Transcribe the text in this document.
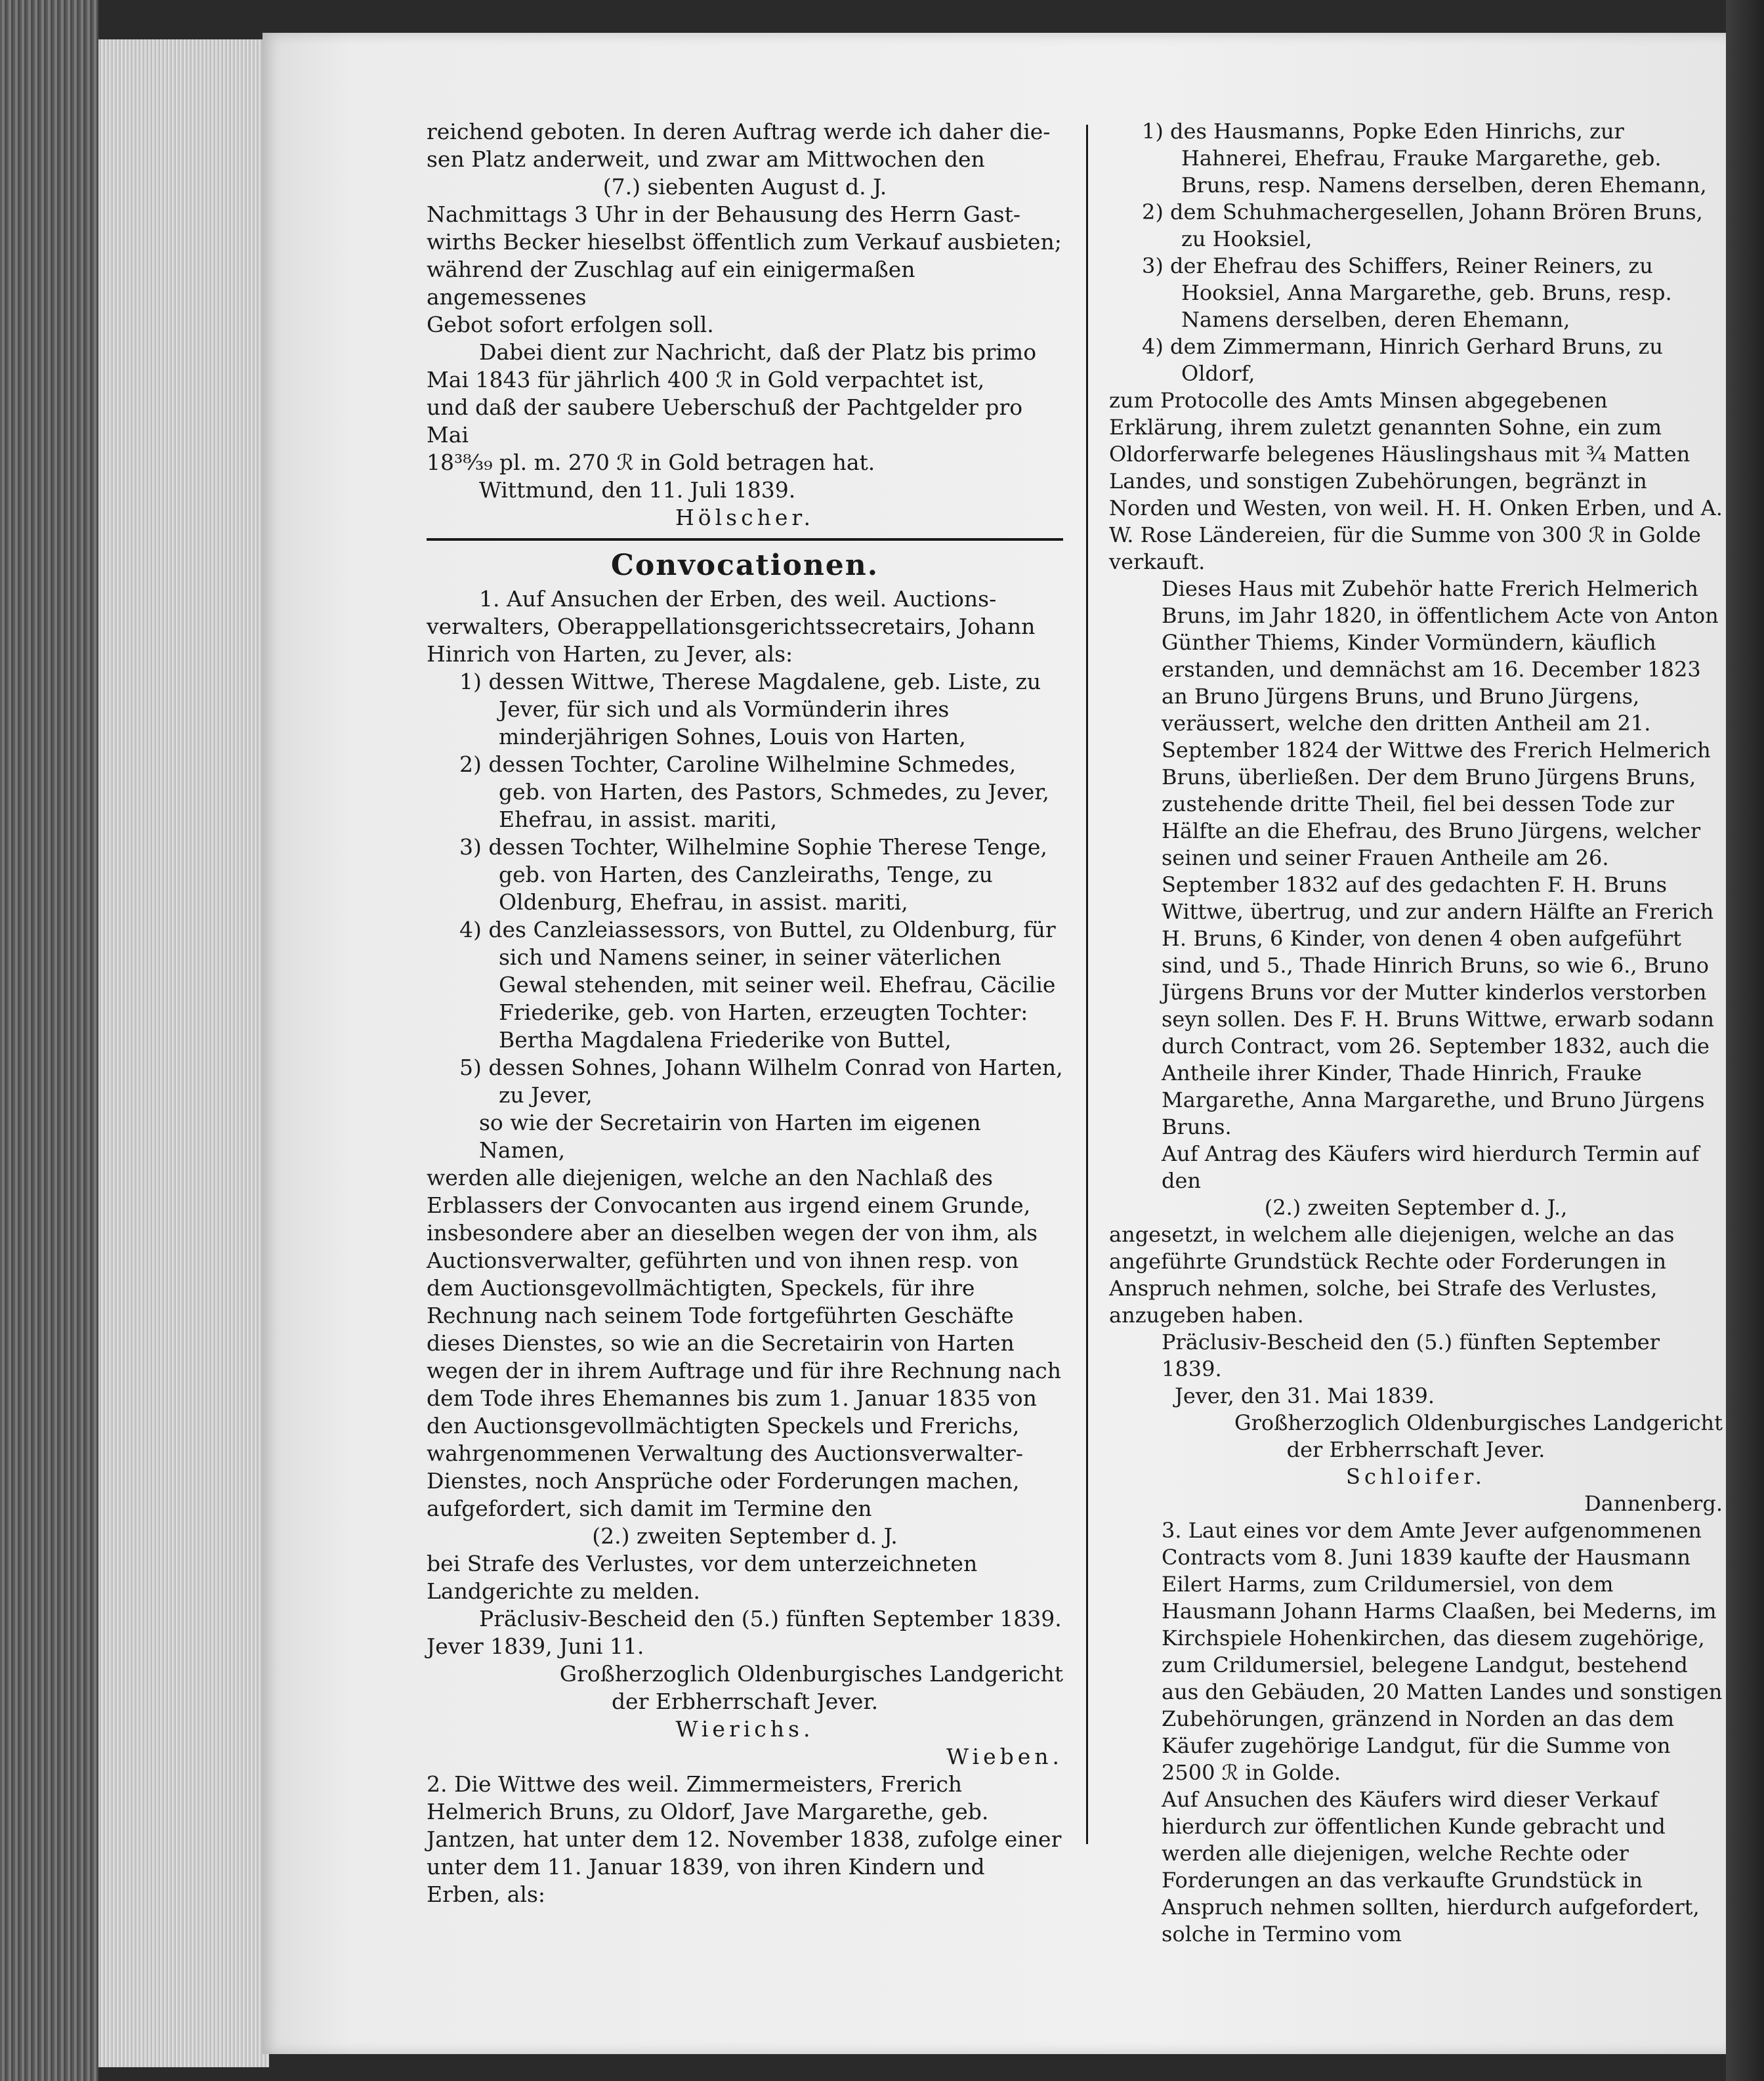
reichend geboten. In deren Auftrag werde ich daher die-

sen Platz anderweit, und zwar am Mittwochen den

(7.) siebenten August d. J.

Nachmittags 3 Uhr in der Behausung des Herrn Gast-

wirths Becker hieselbst öffentlich zum Verkauf ausbieten;

während der Zuschlag auf ein einigermaßen angemessenes

Gebot sofort erfolgen soll.

Dabei dient zur Nachricht, daß der Platz bis primo

Mai 1843 für jährlich 400 ℛ in Gold verpachtet ist,

und daß der saubere Ueberschuß der Pachtgelder pro Mai

18³⁸⁄₃₉ pl. m. 270 ℛ in Gold betragen hat.

Wittmund, den 11. Juli 1839.

Hölscher.

Convocationen.

1. Auf Ansuchen der Erben, des weil. Auctions-

verwalters, Oberappellationsgerichtssecretairs, Johann

Hinrich von Harten, zu Jever, als:

1) dessen Wittwe, Therese Magdalene, geb. Liste, zu Jever, für sich und als Vormünderin ihres minderjährigen Sohnes, Louis von Harten,

2) dessen Tochter, Caroline Wilhelmine Schmedes, geb. von Harten, des Pastors, Schmedes, zu Jever, Ehefrau, in assist. mariti,

3) dessen Tochter, Wilhelmine Sophie Therese Tenge, geb. von Harten, des Canzleiraths, Tenge, zu Oldenburg, Ehefrau, in assist. mariti,

4) des Canzleiassessors, von Buttel, zu Oldenburg, für sich und Namens seiner, in seiner väterlichen Gewal stehenden, mit seiner weil. Ehefrau, Cäcilie Friederike, geb. von Harten, erzeugten Tochter: Bertha Magdalena Friederike von Buttel,

5) dessen Sohnes, Johann Wilhelm Conrad von Harten, zu Jever,

so wie der Secretairin von Harten im eigenen Namen,

werden alle diejenigen, welche an den Nachlaß des Erblassers der Convocanten aus irgend einem Grunde, insbesondere aber an dieselben wegen der von ihm, als Auctionsverwalter, geführten und von ihnen resp. von dem Auctionsgevollmächtigten, Speckels, für ihre Rechnung nach seinem Tode fortgeführten Geschäfte dieses Dienstes, so wie an die Secretairin von Harten wegen der in ihrem Auftrage und für ihre Rechnung nach dem Tode ihres Ehemannes bis zum 1. Januar 1835 von den Auctionsgevollmächtigten Speckels und Frerichs, wahrgenommenen Verwaltung des Auctionsverwalter-Dienstes, noch Ansprüche oder Forderungen machen, aufgefordert, sich damit im Termine den

(2.) zweiten September d. J.

bei Strafe des Verlustes, vor dem unterzeichneten Landgerichte zu melden.

Präclusiv-Bescheid den (5.) fünften September 1839.

Jever 1839, Juni 11.

Großherzoglich Oldenburgisches Landgericht

der Erbherrschaft Jever.

Wierichs.

Wieben.

2. Die Wittwe des weil. Zimmermeisters, Frerich Helmerich Bruns, zu Oldorf, Jave Margarethe, geb. Jantzen, hat unter dem 12. November 1838, zufolge einer unter dem 11. Januar 1839, von ihren Kindern und Erben, als:

1) des Hausmanns, Popke Eden Hinrichs, zur Hahnerei, Ehefrau, Frauke Margarethe, geb. Bruns, resp. Namens derselben, deren Ehemann,

2) dem Schuhmachergesellen, Johann Brören Bruns, zu Hooksiel,

3) der Ehefrau des Schiffers, Reiner Reiners, zu Hooksiel, Anna Margarethe, geb. Bruns, resp. Namens derselben, deren Ehemann,

4) dem Zimmermann, Hinrich Gerhard Bruns, zu Oldorf,

zum Protocolle des Amts Minsen abgegebenen Erklärung, ihrem zuletzt genannten Sohne, ein zum Oldorferwarfe belegenes Häuslingshaus mit ³⁄₄ Matten Landes, und sonstigen Zubehörungen, begränzt in Norden und Westen, von weil. H. H. Onken Erben, und A. W. Rose Ländereien, für die Summe von 300 ℛ in Golde verkauft.

Dieses Haus mit Zubehör hatte Frerich Helmerich Bruns, im Jahr 1820, in öffentlichem Acte von Anton Günther Thiems, Kinder Vormündern, käuflich erstanden, und demnächst am 16. December 1823 an Bruno Jürgens Bruns, und Bruno Jürgens, veräussert, welche den dritten Antheil am 21. September 1824 der Wittwe des Frerich Helmerich Bruns, überließen. Der dem Bruno Jürgens Bruns, zustehende dritte Theil, fiel bei dessen Tode zur Hälfte an die Ehefrau, des Bruno Jürgens, welcher seinen und seiner Frauen Antheile am 26. September 1832 auf des gedachten F. H. Bruns Wittwe, übertrug, und zur andern Hälfte an Frerich H. Bruns, 6 Kinder, von denen 4 oben aufgeführt sind, und 5., Thade Hinrich Bruns, so wie 6., Bruno Jürgens Bruns vor der Mutter kinderlos verstorben seyn sollen. Des F. H. Bruns Wittwe, erwarb sodann durch Contract, vom 26. September 1832, auch die Antheile ihrer Kinder, Thade Hinrich, Frauke Margarethe, Anna Margarethe, und Bruno Jürgens Bruns.

Auf Antrag des Käufers wird hierdurch Termin auf den

(2.) zweiten September d. J.,

angesetzt, in welchem alle diejenigen, welche an das angeführte Grundstück Rechte oder Forderungen in Anspruch nehmen, solche, bei Strafe des Verlustes, anzugeben haben.

Präclusiv-Bescheid den (5.) fünften September 1839.

Jever, den 31. Mai 1839.

Großherzoglich Oldenburgisches Landgericht

der Erbherrschaft Jever.

Schloifer.

Dannenberg.

3. Laut eines vor dem Amte Jever aufgenommenen Contracts vom 8. Juni 1839 kaufte der Hausmann Eilert Harms, zum Crildumersiel, von dem Hausmann Johann Harms Claaßen, bei Mederns, im Kirchspiele Hohenkirchen, das diesem zugehörige, zum Crildumersiel, belegene Landgut, bestehend aus den Gebäuden, 20 Matten Landes und sonstigen Zubehörungen, gränzend in Norden an das dem Käufer zugehörige Landgut, für die Summe von 2500 ℛ in Golde.

Auf Ansuchen des Käufers wird dieser Verkauf hierdurch zur öffentlichen Kunde gebracht und werden alle diejenigen, welche Rechte oder Forderungen an das verkaufte Grundstück in Anspruch nehmen sollten, hierdurch aufgefordert, solche in Termino vom
